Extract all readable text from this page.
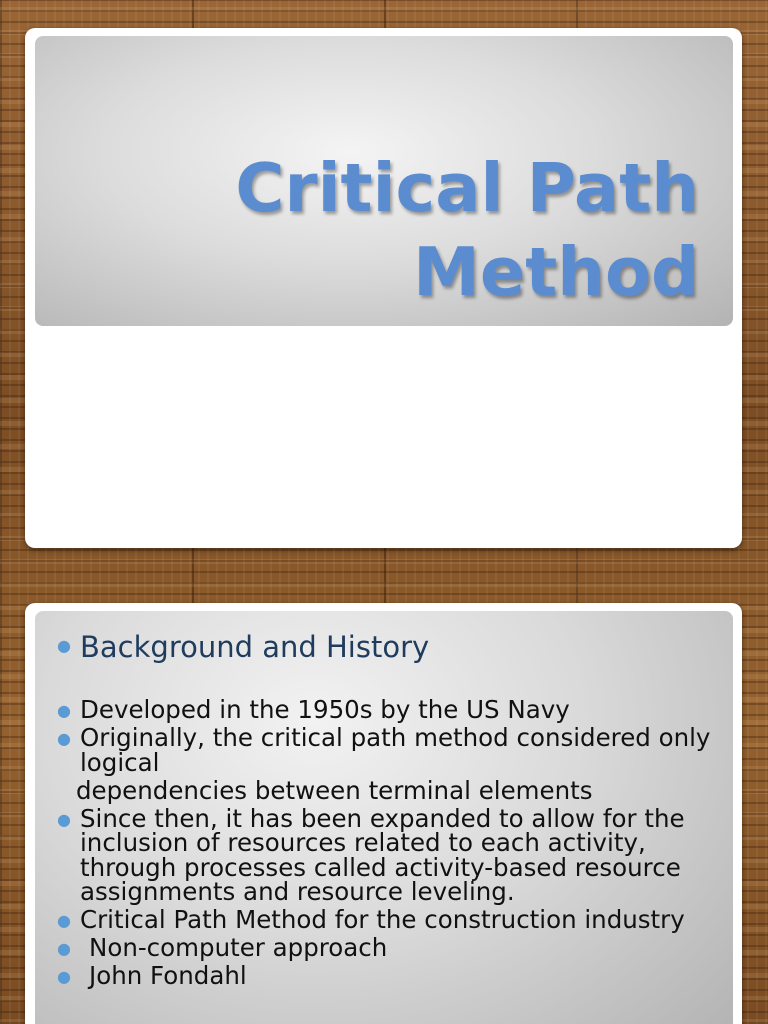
Critical Path
Method
● Background and History
● Developed in the 1950s by the US Navy
● Originally, the critical path method considered only logical
dependencies between terminal elements
● Since then, it has been expanded to allow for the inclusion of resources related to each activity, through processes called activity-based resource assignments and resource leveling.
● Critical Path Method for the construction industry
● Non-computer approach
● John Fondahl
